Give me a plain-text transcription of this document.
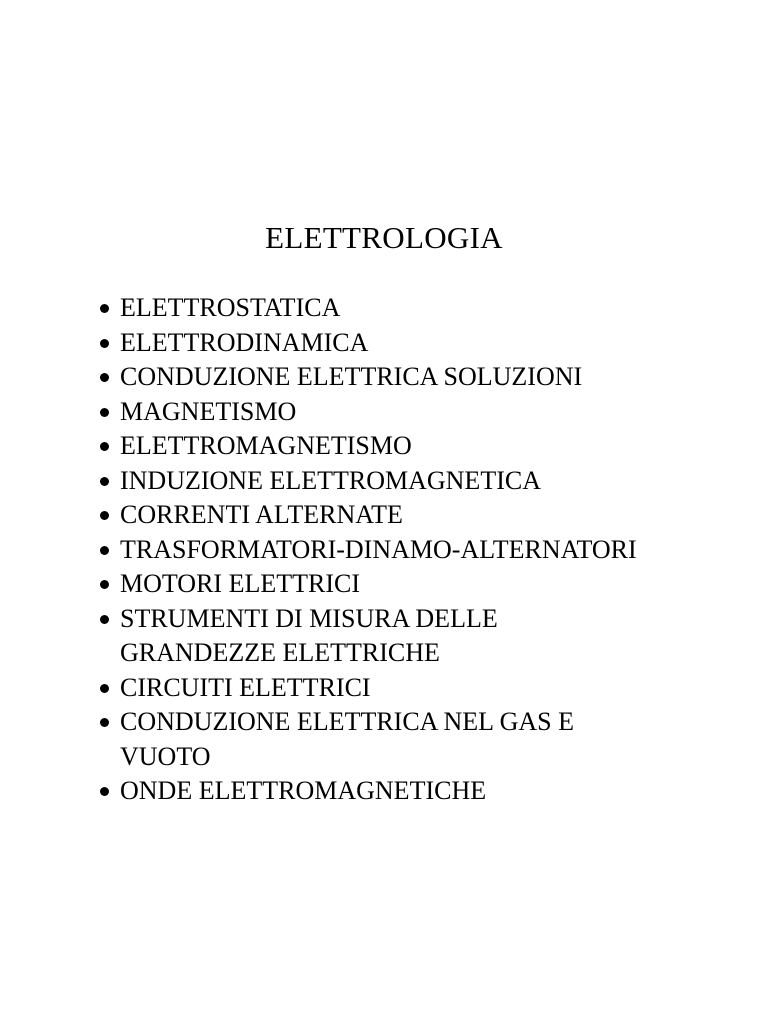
ELETTROLOGIA
ELETTROSTATICA
ELETTRODINAMICA
CONDUZIONE ELETTRICA SOLUZIONI
MAGNETISMO
ELETTROMAGNETISMO
INDUZIONE ELETTROMAGNETICA
CORRENTI ALTERNATE
TRASFORMATORI-DINAMO-ALTERNATORI
MOTORI ELETTRICI
STRUMENTI DI MISURA DELLE
GRANDEZZE ELETTRICHE
CIRCUITI ELETTRICI
CONDUZIONE ELETTRICA NEL GAS E
VUOTO
ONDE ELETTROMAGNETICHE
